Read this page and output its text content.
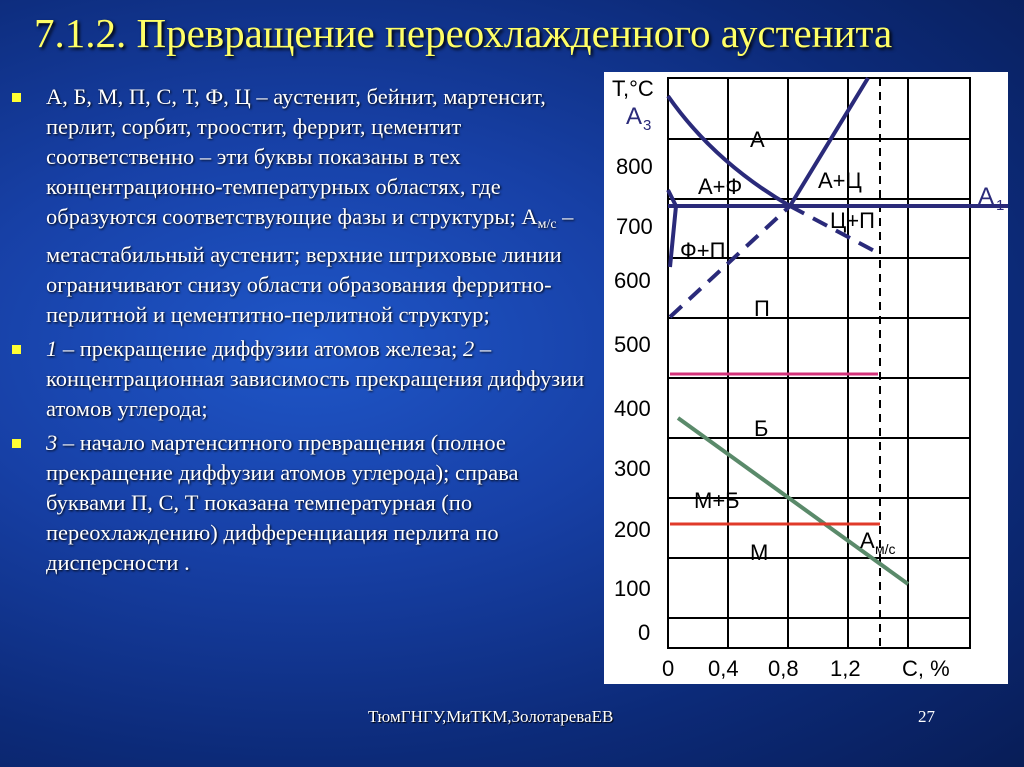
7.1.2. Превращение переохлажденного аустенита
А, Б, М, П, С, Т, Ф, Ц – аустенит, бейнит, мартенсит, перлит, сорбит, троостит, феррит, цементит соответственно – эти буквы показаны в тех концентрационно-температурных областях, где образуются соответствующие фазы и структуры; $А_{м/с}$ – метастабильный аустенит; верхние штриховые линии ограничивают снизу области образования ферритно-перлитной и цементитно-перлитной структур;
1 – прекращение диффузии атомов железа; 2 – концентрационная зависимость прекращения диффузии атомов углерода;
3 – начало мартенситного превращения (полное прекращение диффузии атомов углерода); справа буквами П, С, Т показана температурная (по переохлаждению) дифференциация перлита по дисперсности .
T,°C
600
800
700
500
400
300
200
100
0
0 0,4 0,8 1,2 C, %
А 3
А 1
А
А+Ф	А+Ц
Ф+П
Ц+П
П
Б
М+Б
М	А м/с
ТюмГНГУ,МиТКМ,ЗолотареваЕВ	27
